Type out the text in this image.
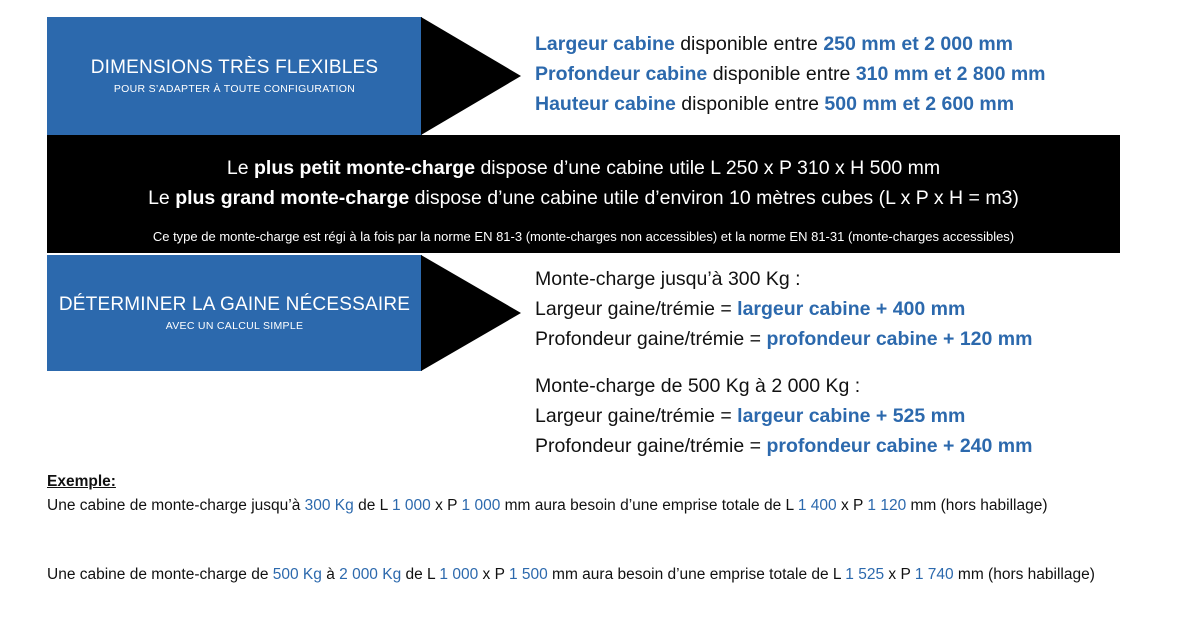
DIMENSIONS TRÈS FLEXIBLES
POUR S’ADAPTER À TOUTE CONFIGURATION
Largeur cabine disponible entre 250 mm et 2 000 mm
Profondeur cabine disponible entre 310 mm et 2 800 mm
Hauteur cabine disponible entre 500 mm et 2 600 mm
Le plus petit monte-charge dispose d’une cabine utile L 250 x P 310 x H 500 mm
Le plus grand monte-charge dispose d’une cabine utile d’environ 10 mètres cubes (L x P x H = m3)
Ce type de monte-charge est régi à la fois par la norme EN 81-3 (monte-charges non accessibles) et la norme EN 81-31 (monte-charges accessibles)
DÉTERMINER LA GAINE NÉCESSAIRE
AVEC UN CALCUL SIMPLE
Monte-charge jusqu’à 300 Kg :
Largeur gaine/trémie = largeur cabine + 400 mm
Profondeur gaine/trémie = profondeur cabine + 120 mm
Monte-charge de 500 Kg à 2 000 Kg :
Largeur gaine/trémie = largeur cabine + 525 mm
Profondeur gaine/trémie = profondeur cabine + 240 mm
Exemple:
Une cabine de monte-charge jusqu’à 300 Kg de L 1 000 x P 1 000 mm aura besoin d’une emprise totale de L 1 400 x P 1 120 mm (hors habillage)
Une cabine de monte-charge de 500 Kg à 2 000 Kg de L 1 000 x P 1 500 mm aura besoin d’une emprise totale de L 1 525 x P 1 740 mm (hors habillage)
